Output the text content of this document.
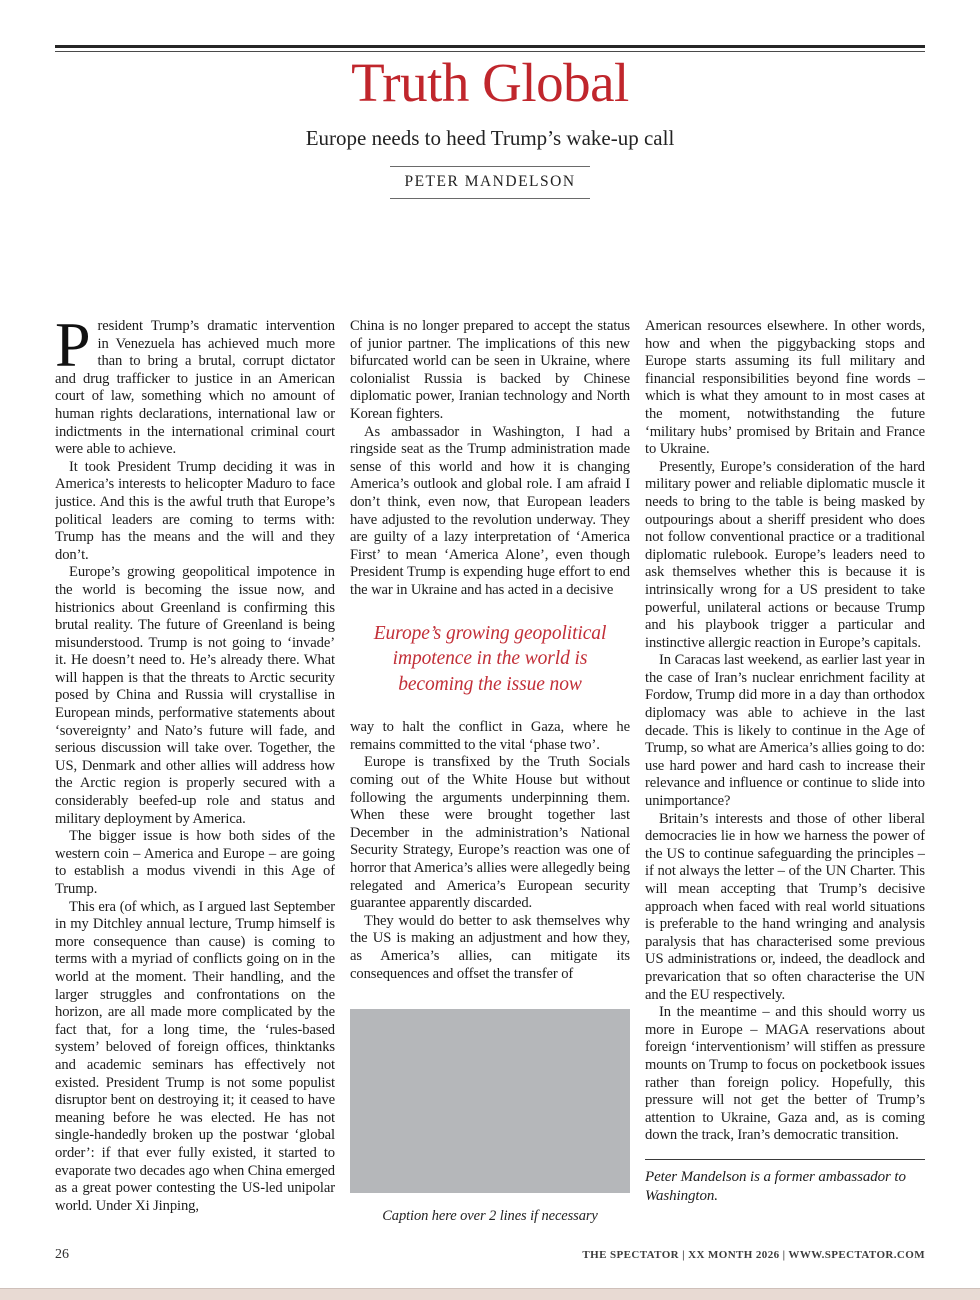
Truth Global
Europe needs to heed Trump’s wake-up call
PETER MANDELSON

President Trump’s dramatic intervention in Venezuela has achieved much more than to bring a brutal, corrupt dictator and drug trafficker to justice in an American court of law, something which no amount of human rights declarations, international law or indictments in the international criminal court were able to achieve.

It took President Trump deciding it was in America’s interests to helicopter Maduro to face justice. And this is the awful truth that Europe’s political leaders are coming to terms with: Trump has the means and the will and they don’t.

Europe’s growing geopolitical impotence in the world is becoming the issue now, and histrionics about Greenland is confirming this brutal reality. The future of Greenland is being misunderstood. Trump is not going to ‘invade’ it. He doesn’t need to. He’s already there. What will happen is that the threats to Arctic security posed by China and Russia will crystallise in European minds, performative statements about ‘sovereignty’ and Nato’s future will fade, and serious discussion will take over. Together, the US, Denmark and other allies will address how the Arctic region is properly secured with a considerably beefed-up role and status and military deployment by America.

The bigger issue is how both sides of the western coin – America and Europe – are going to establish a modus vivendi in this Age of Trump.

This era (of which, as I argued last September in my Ditchley annual lecture, Trump himself is more consequence than cause) is coming to terms with a myriad of conflicts going on in the world at the moment. Their handling, and the larger struggles and confrontations on the horizon, are all made more complicated by the fact that, for a long time, the ‘rules-based system’ beloved of foreign offices, thinktanks and academic seminars has effectively not existed. President Trump is not some populist disruptor bent on destroying it; it ceased to have meaning before he was elected. He has not single-handedly broken up the postwar ‘global order’: if that ever fully existed, it started to evaporate two decades ago when China emerged as a great power contesting the US-led unipolar world. Under Xi Jinping,

China is no longer prepared to accept the status of junior partner. The implications of this new bifurcated world can be seen in Ukraine, where colonialist Russia is backed by Chinese diplomatic power, Iranian technology and North Korean fighters.

As ambassador in Washington, I had a ringside seat as the Trump administration made sense of this world and how it is changing America’s outlook and global role. I am afraid I don’t think, even now, that European leaders have adjusted to the revolution underway. They are guilty of a lazy interpretation of ‘America First’ to mean ‘America Alone’, even though President Trump is expending huge effort to end the war in Ukraine and has acted in a decisive

Europe’s growing geopolitical impotence in the world is becoming the issue now

way to halt the conflict in Gaza, where he remains committed to the vital ‘phase two’.

Europe is transfixed by the Truth Socials coming out of the White House but without following the arguments underpinning them. When these were brought together last December in the administration’s National Security Strategy, Europe’s reaction was one of horror that America’s allies were allegedly being relegated and America’s European security guarantee apparently discarded.

They would do better to ask themselves why the US is making an adjustment and how they, as America’s allies, can mitigate its consequences and offset the transfer of

Caption here over 2 lines if necessary

American resources elsewhere. In other words, how and when the piggybacking stops and Europe starts assuming its full military and financial responsibilities beyond fine words – which is what they amount to in most cases at the moment, notwithstanding the future ‘military hubs’ promised by Britain and France to Ukraine.

Presently, Europe’s consideration of the hard military power and reliable diplomatic muscle it needs to bring to the table is being masked by outpourings about a sheriff president who does not follow conventional practice or a traditional diplomatic rulebook. Europe’s leaders need to ask themselves whether this is because it is intrinsically wrong for a US president to take powerful, unilateral actions or because Trump and his playbook trigger a particular and instinctive allergic reaction in Europe’s capitals.

In Caracas last weekend, as earlier last year in the case of Iran’s nuclear enrichment facility at Fordow, Trump did more in a day than orthodox diplomacy was able to achieve in the last decade. This is likely to continue in the Age of Trump, so what are America’s allies going to do: use hard power and hard cash to increase their relevance and influence or continue to slide into unimportance?

Britain’s interests and those of other liberal democracies lie in how we harness the power of the US to continue safeguarding the principles – if not always the letter – of the UN Charter. This will mean accepting that Trump’s decisive approach when faced with real world situations is preferable to the hand wringing and analysis paralysis that has characterised some previous US administrations or, indeed, the deadlock and prevarication that so often characterise the UN and the EU respectively.

In the meantime – and this should worry us more in Europe – MAGA reservations about foreign ‘interventionism’ will stiffen as pressure mounts on Trump to focus on pocketbook issues rather than foreign policy. Hopefully, this pressure will not get the better of Trump’s attention to Ukraine, Gaza and, as is coming down the track, Iran’s democratic transition.

Peter Mandelson is a former ambassador to Washington.
26	THE SPECTATOR | XX MONTH 2026 | WWW.SPECTATOR.COM
